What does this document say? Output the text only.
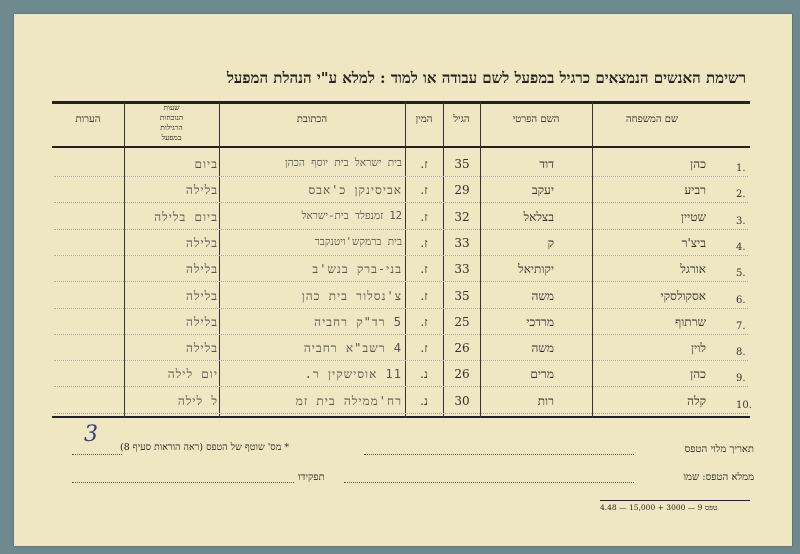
רשימת האנשים הנמצאים כרגיל במפעל לשם עבודה או למוד : למלא ע"י הנהלת המפעל
שם המשפחה
השם הפרטי
הגיל
המין
הכתובת
שעות
הנוכחות
הרגילות
במפעל
הערות
1.
כהן
דוד
35
ז.
בית ישראל בית יוסף הכהן
ביום
2.
רביע
יעקב
29
ז.
אביסינקן כ'אבס
בלילה
3.
שטיין
בצלאל
32
ז.
12 זמנפלד בית-ישראל
ביום בלילה
4.
ביצ'ר
ק
33
ז.
בית ברמקש'ויטנקבר
בלילה
5.
אורגל
יקותיאל
33
ז.
בני-ברק בנש'ב
בלילה
6.
אסקולסקי
משה
35
ז.
צ'נסלור בית כהן
בלילה
7.
שרתוף
מרדכי
25
ז.
5 רד"ק רחביה
בלילה
8.
לוין
משה
26
ז.
4 רשב"א רחביה
בלילה
9.
כהן
מרים
26
נ.
11 אוסישקין ר.
יום לילה
10.
קלה
רות
30
נ.
רח'ממילה בית זמ
ל לילה
תאריך מלוי הטפס
* מס' שוטף של הטפס (ראה הוראות סעיף 8)
3
ממלא הטפס: שמו
תפקידו
טפס 9 — 3000 + 15,000 — 4.48
